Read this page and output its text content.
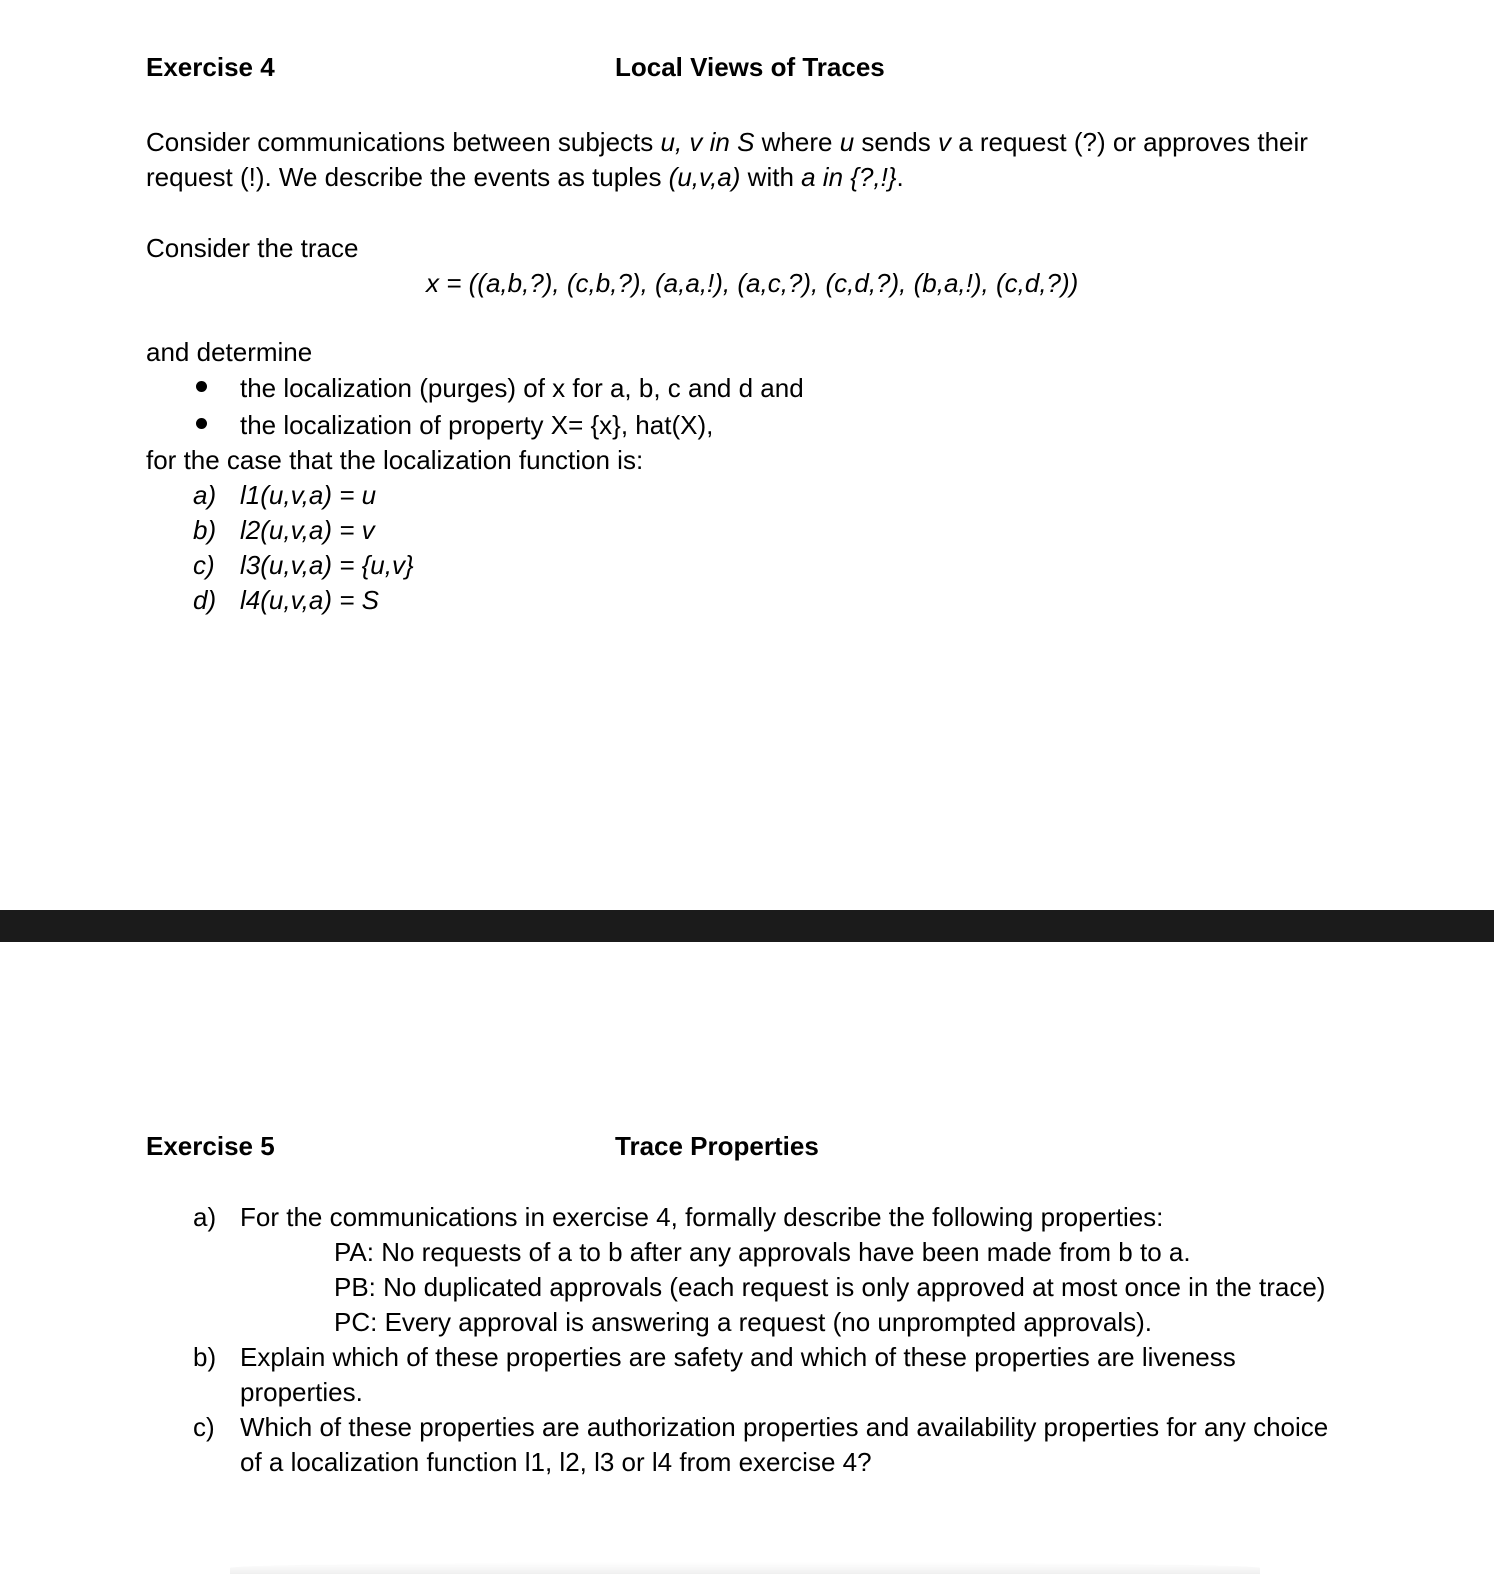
Exercise 4	Local Views of Traces
Consider communications between subjects u, v in S where u sends v a request (?) or approves their
request (!). We describe the events as tuples (u,v,a) with a in {?,!}.
Consider the trace
x = ((a,b,?), (c,b,?), (a,a,!), (a,c,?), (c,d,?), (b,a,!), (c,d,?))
and determine
the localization (purges) of x for a, b, c and d and
the localization of property X= {x}, hat(X),
for the case that the localization function is:
a) l1(u,v,a) = u
b) l2(u,v,a) = v
c) l3(u,v,a) = {u,v}
d) l4(u,v,a) = S
Exercise 5	Trace Properties
a) For the communications in exercise 4, formally describe the following properties:
PA: No requests of a to b after any approvals have been made from b to a.
PB: No duplicated approvals (each request is only approved at most once in the trace)
PC: Every approval is answering a request (no unprompted approvals).
b) Explain which of these properties are safety and which of these properties are liveness
properties.
c) Which of these properties are authorization properties and availability properties for any choice
of a localization function l1, l2, l3 or l4 from exercise 4?
